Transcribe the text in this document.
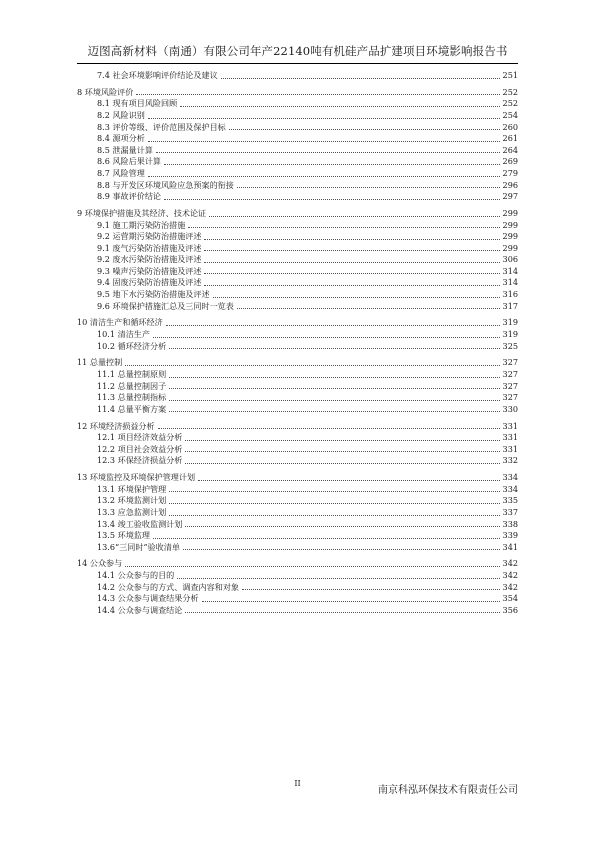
迈图高新材料（南通）有限公司年产22140吨有机硅产品扩建项目环境影响报告书
7.4 社会环境影响评价结论及建议	251
8 环境风险评价	252
8.1 现有项目风险回顾	252
8.2 风险识别	254
8.3 评价等级、评价范围及保护目标	260
8.4 源项分析	261
8.5 泄漏量计算	264
8.6 风险后果计算	269
8.7 风险管理	279
8.8 与开发区环境风险应急预案的衔接	296
8.9 事故评价结论	297
9 环境保护措施及其经济、技术论证	299
9.1 施工期污染防治措施	299
9.2 运营期污染防治措施评述	299
9.1 废气污染防治措施及评述	299
9.2 废水污染防治措施及评述	306
9.3 噪声污染防治措施及评述	314
9.4 固废污染防治措施及评述	314
9.5 地下水污染防治措施及评述	316
9.6 环境保护措施汇总及三同时一览表	317
10 清洁生产和循环经济	319
10.1 清洁生产	319
10.2 循环经济分析	325
11 总量控制	327
11.1 总量控制原则	327
11.2 总量控制因子	327
11.3 总量控制指标	327
11.4 总量平衡方案	330
12 环境经济损益分析	331
12.1 项目经济效益分析	331
12.2 项目社会效益分析	331
12.3 环保经济损益分析	332
13 环境监控及环境保护管理计划	334
13.1 环境保护管理	334
13.2 环境监测计划	335
13.3 应急监测计划	337
13.4 竣工验收监测计划	338
13.5 环境监理	339
13.6“三同时”验收清单	341
14 公众参与	342
14.1 公众参与的目的	342
14.2 公众参与的方式、调查内容和对象	342
14.3 公众参与调查结果分析	354
14.4 公众参与调查结论	356
II
南京科泓环保技术有限责任公司
